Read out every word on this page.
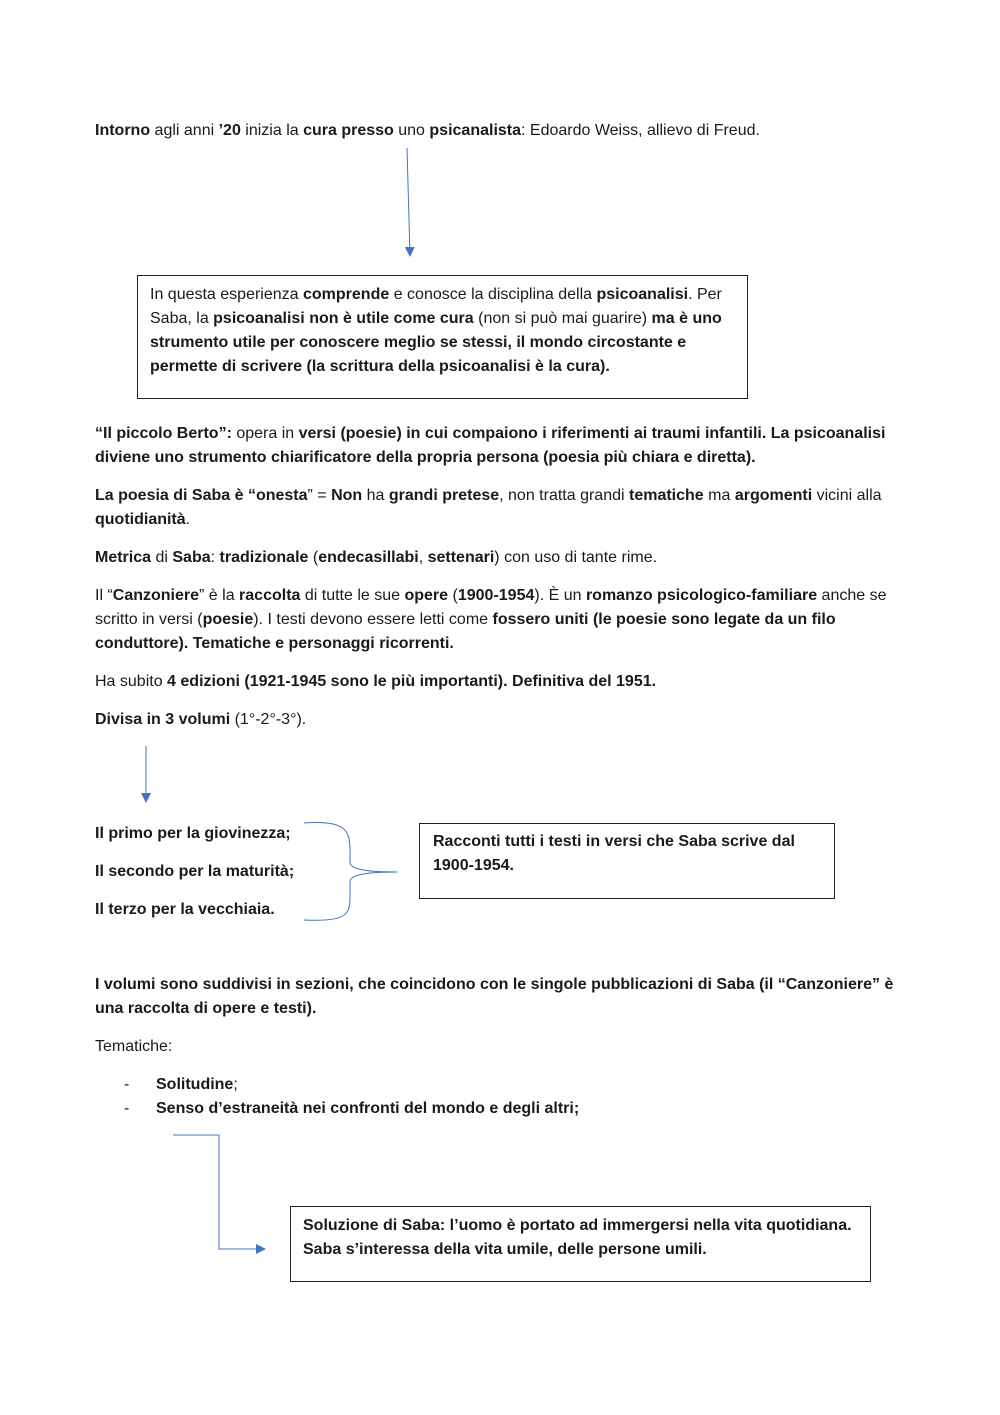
Intorno agli anni ’20 inizia la cura presso uno psicanalista: Edoardo Weiss, allievo di Freud.
In questa esperienza comprende e conosce la disciplina della psicoanalisi. Per
Saba, la psicoanalisi non è utile come cura (non si può mai guarire) ma è uno
strumento utile per conoscere meglio se stessi, il mondo circostante e
permette di scrivere (la scrittura della psicoanalisi è la cura).
“Il piccolo Berto”: opera in versi (poesie) in cui compaiono i riferimenti ai traumi infantili. La psicoanalisi
diviene uno strumento chiarificatore della propria persona (poesia più chiara e diretta).
La poesia di Saba è “onesta” = Non ha grandi pretese, non tratta grandi tematiche ma argomenti vicini alla
quotidianità.
Metrica di Saba: tradizionale (endecasillabi, settenari) con uso di tante rime.
Il “Canzoniere” è la raccolta di tutte le sue opere (1900-1954). È un romanzo psicologico-familiare anche se
scritto in versi (poesie). I testi devono essere letti come fossero uniti (le poesie sono legate da un filo
conduttore). Tematiche e personaggi ricorrenti.
Ha subito 4 edizioni (1921-1945 sono le più importanti). Definitiva del 1951.
Divisa in 3 volumi (1°-2°-3°).
Il primo per la giovinezza;
Il secondo per la maturità;
Il terzo per la vecchiaia.
Racconti tutti i testi in versi che Saba scrive dal
1900-1954.
I volumi sono suddivisi in sezioni, che coincidono con le singole pubblicazioni di Saba (il “Canzoniere” è
una raccolta di opere e testi).
Tematiche:
- Solitudine;
- Senso d’estraneità nei confronti del mondo e degli altri;
Soluzione di Saba: l’uomo è portato ad immergersi nella vita quotidiana.
Saba s’interessa della vita umile, delle persone umili.
